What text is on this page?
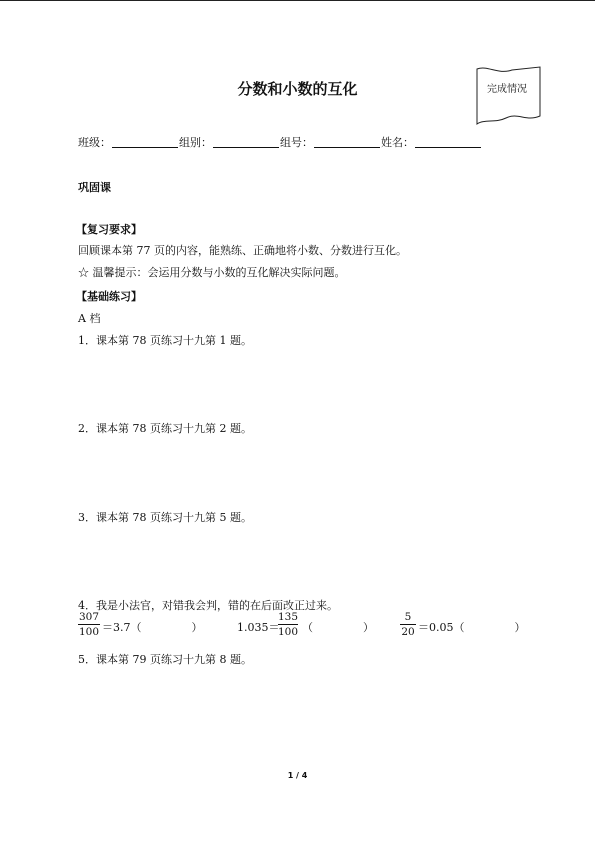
分数和小数的互化	完成情况
班级：	组别：	组号：	姓名：
巩固课
【复习要求】
回顾课本第 77 页的内容，能熟练、正确地将小数、分数进行互化。
☆ 温馨提示：会运用分数与小数的互化解决实际问题。
【基础练习】
A 档
1．课本第 78 页练习十九第 1 题。
2．课本第 78 页练习十九第 2 题。
3．课本第 78 页练习十九第 5 题。
4．我是小法官，对错我会判，错的在后面改正过来。
307
100 ＝3.7（	）	1.035＝
135
100 （	）
5
20 ＝0.05（	）
5．课本第 79 页练习十九第 8 题。
1 / 4
